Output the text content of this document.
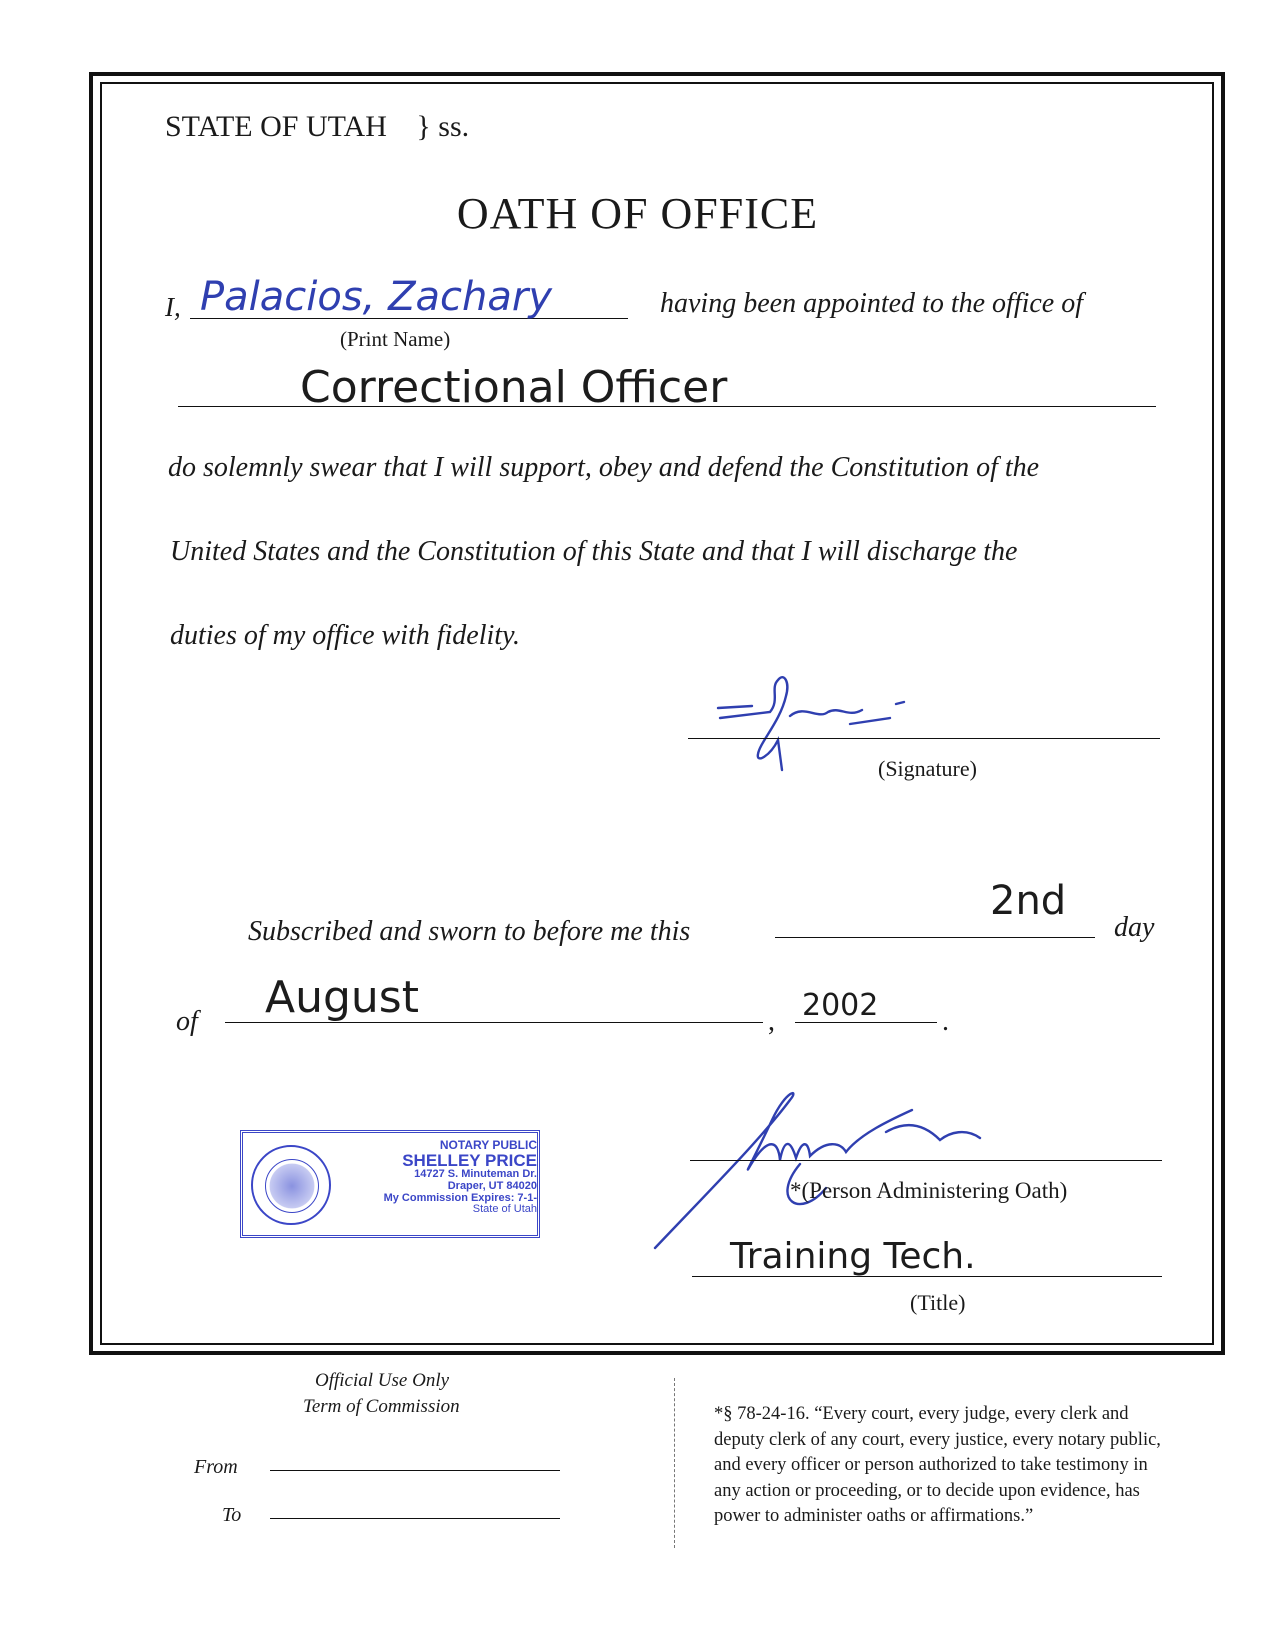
STATE OF UTAH } ss.
OATH OF OFFICE
I, Palacios, Zachary
(Print Name)
having been appointed to the office of
Correctional Officer
do solemnly swear that I will support, obey and defend the Constitution of the
United States and the Constitution of this State and that I will discharge the
duties of my office with fidelity.
(Signature)
Subscribed and sworn to before me this
2nd
day
of August	, 2002 .
NOTARY PUBLIC
SHELLEY PRICE
14727 S. Minuteman Dr.
Draper, UT 84020
My Commission Expires: 7-1-
State of Utah
*(Person Administering Oath)
Training Tech.
(Title)
Official Use Only
Term of Commission
From
To
*§ 78-24-16. “Every court, every judge, every clerk and
deputy clerk of any court, every justice, every notary public,
and every officer or person authorized to take testimony in
any action or proceeding, or to decide upon evidence, has
power to administer oaths or affirmations.”
